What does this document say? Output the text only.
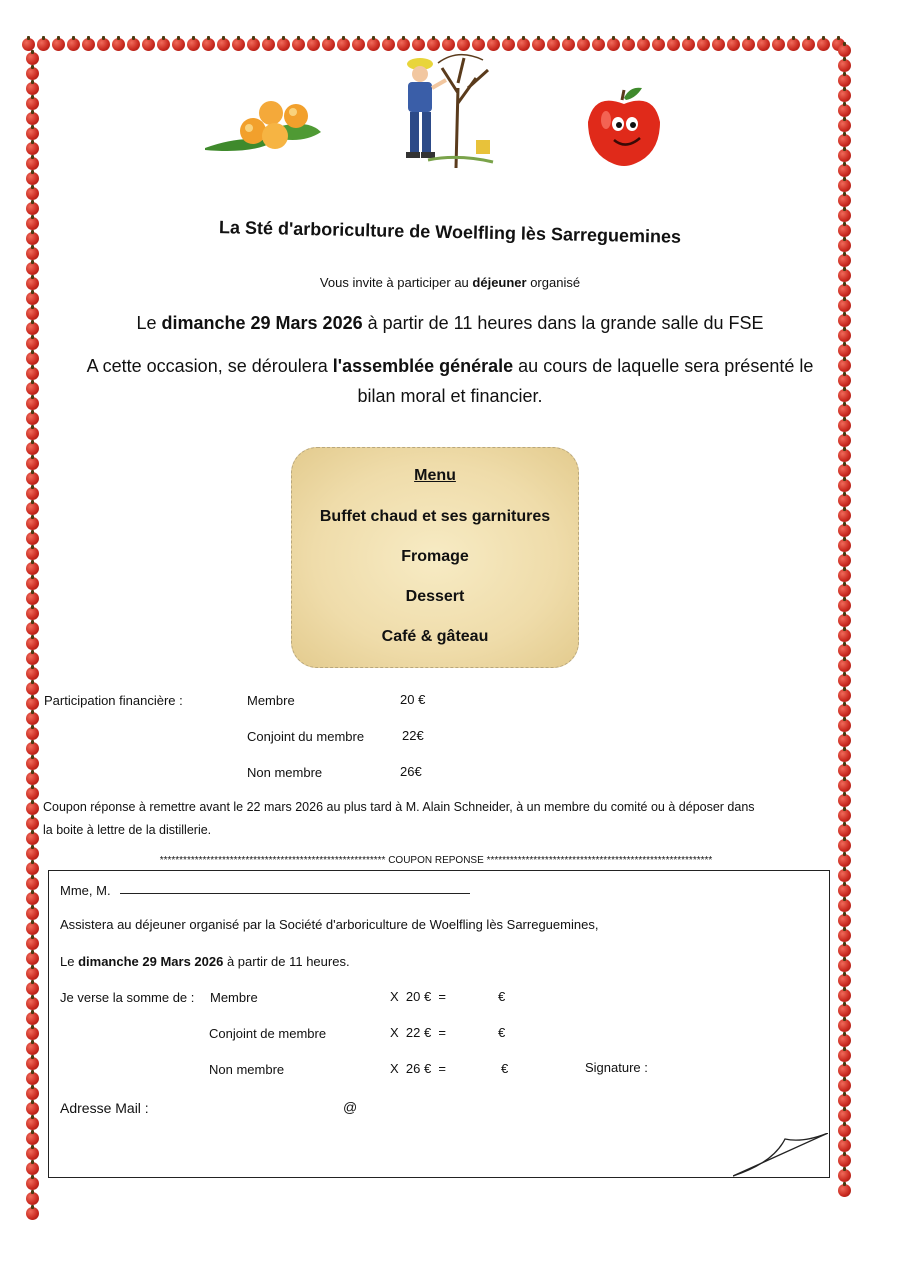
La Sté d'arboriculture de Woelfling lès Sarreguemines
Vous invite à participer au déjeuner organisé
Le dimanche 29 Mars 2026 à partir de 11 heures dans la grande salle du FSE
A cette occasion, se déroulera l'assemblée générale au cours de laquelle sera présenté le
bilan moral et financier.
Menu
Buffet chaud et ses garnitures
Fromage
Dessert
Café & gâteau
Participation financière :	Membre	20 €
Conjoint du membre	22€
Non membre	26€
Coupon réponse à remettre avant le 22 mars 2026 au plus tard à M. Alain Schneider, à un membre du comité ou à déposer dans
la boite à lettre de la distillerie.
********************************************************** COUPON REPONSE **********************************************************
Mme, M.
Assistera au déjeuner organisé par la Société d'arboriculture de Woelfling lès Sarreguemines,
Le dimanche 29 Mars 2026 à partir de 11 heures.
Je verse la somme de : Membre	X  20 €  =	€
Conjoint de membre	X  22 €  =	€
Non membre	X  26 €  =	€	Signature :
Adresse Mail :	@
